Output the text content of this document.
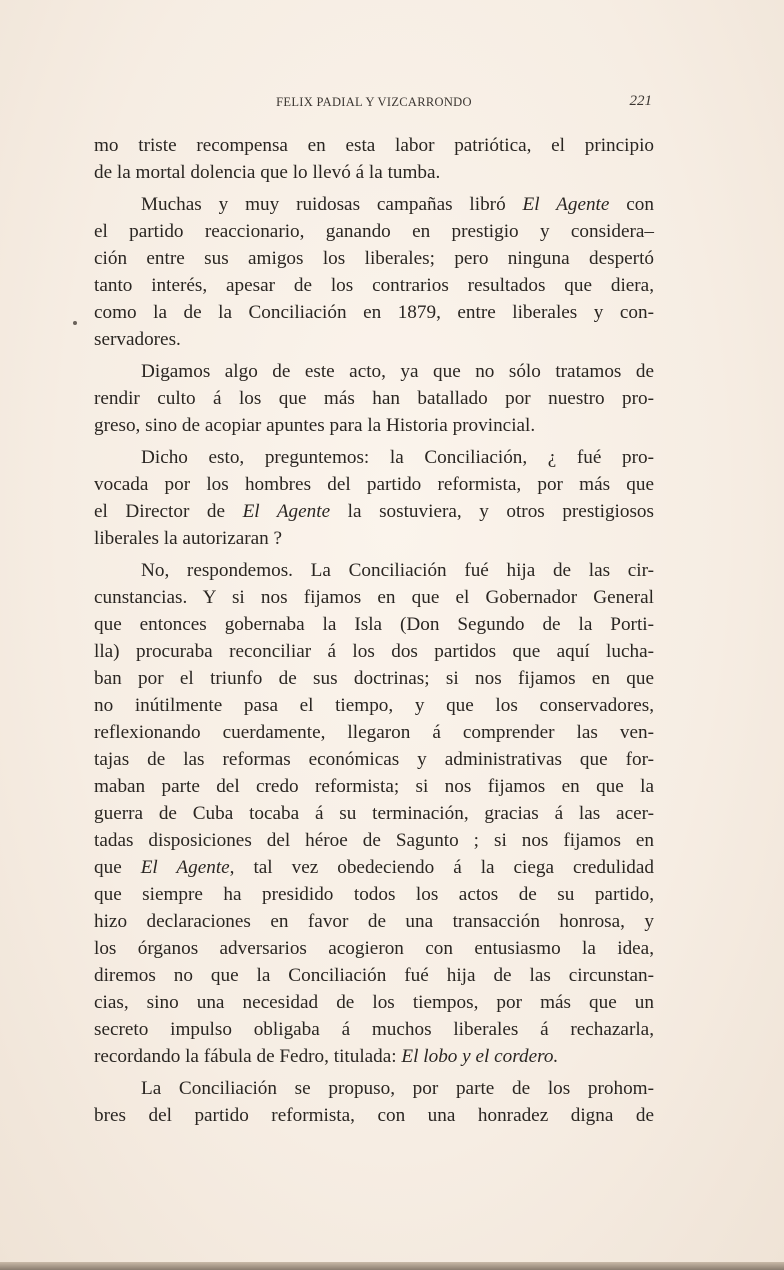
FELIX PADIAL Y VIZCARRONDO	221
mo triste recompensa en esta labor patriótica, el principio
de la mortal dolencia que lo llevó á la tumba.
Muchas y muy ruidosas campañas libró El Agente con
el partido reaccionario, ganando en prestigio y considera–
ción entre sus amigos los liberales; pero ninguna despertó
tanto interés, apesar de los contrarios resultados que diera,
como la de la Conciliación en 1879, entre liberales y con-
servadores.
Digamos algo de este acto, ya que no sólo tratamos de
rendir culto á los que más han batallado por nuestro pro-
greso, sino de acopiar apuntes para la Historia provincial.
Dicho esto, preguntemos: la Conciliación, ¿ fué pro-
vocada por los hombres del partido reformista, por más que
el Director de El Agente la sostuviera, y otros prestigiosos
liberales la autorizaran ?
No, respondemos. La Conciliación fué hija de las cir-
cunstancias. Y si nos fijamos en que el Gobernador General
que entonces gobernaba la Isla (Don Segundo de la Porti-
lla) procuraba reconciliar á los dos partidos que aquí lucha-
ban por el triunfo de sus doctrinas; si nos fijamos en que
no inútilmente pasa el tiempo, y que los conservadores,
reflexionando cuerdamente, llegaron á comprender las ven-
tajas de las reformas económicas y administrativas que for-
maban parte del credo reformista; si nos fijamos en que la
guerra de Cuba tocaba á su terminación, gracias á las acer-
tadas disposiciones del héroe de Sagunto ; si nos fijamos en
que El Agente, tal vez obedeciendo á la ciega credulidad
que siempre ha presidido todos los actos de su partido,
hizo declaraciones en favor de una transacción honrosa, y
los órganos adversarios acogieron con entusiasmo la idea,
diremos no que la Conciliación fué hija de las circunstan-
cias, sino una necesidad de los tiempos, por más que un
secreto impulso obligaba á muchos liberales á rechazarla,
recordando la fábula de Fedro, titulada: El lobo y el cordero.
La Conciliación se propuso, por parte de los prohom-
bres del partido reformista, con una honradez digna de
